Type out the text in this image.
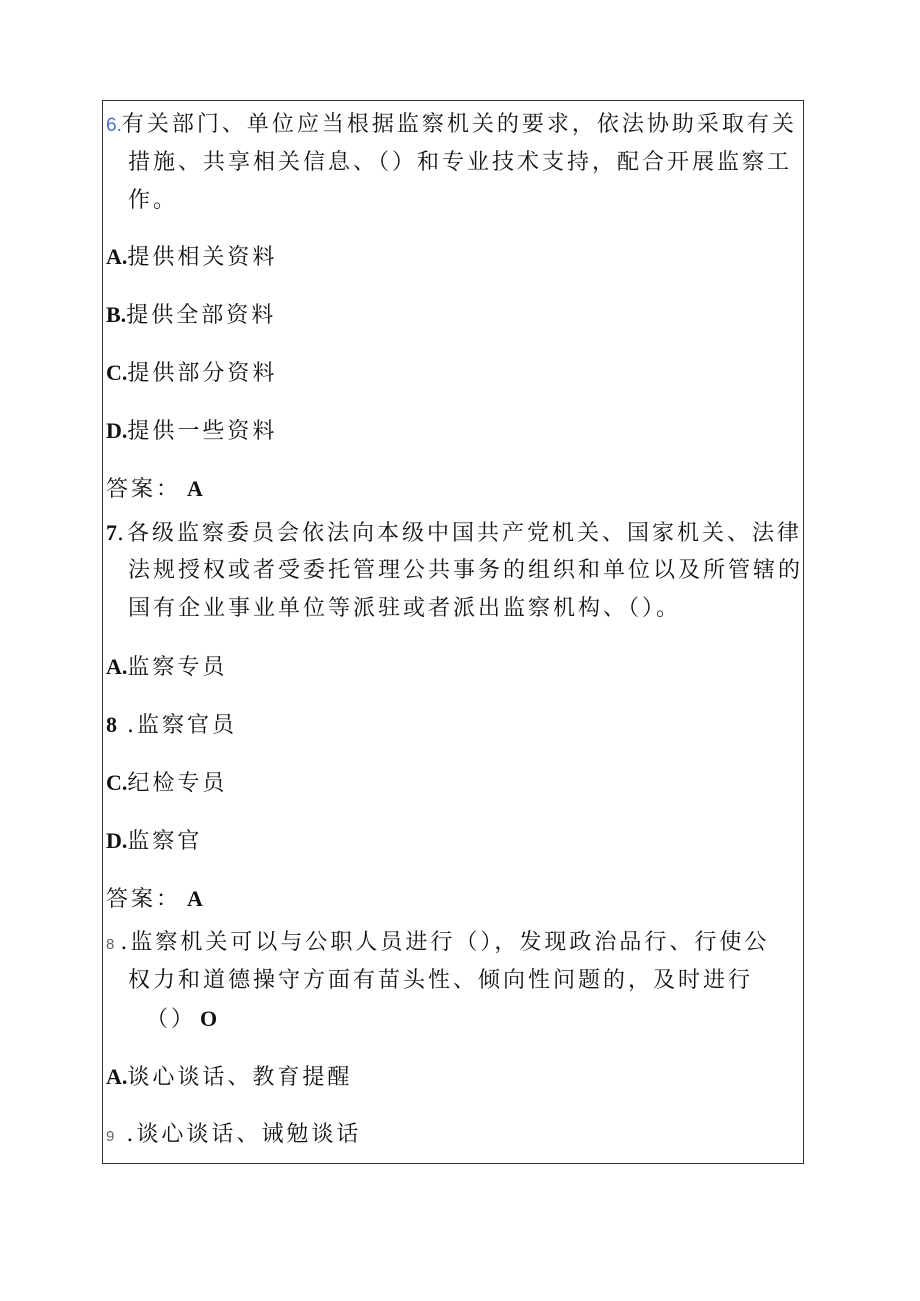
6.有关部门、单位应当根据监察机关的要求，依法协助采取有关
措施、共享相关信息、（）和专业技术支持，配合开展监察工
作。
A.提供相关资料
B.提供全部资料
C.提供部分资料
D.提供一些资料
答案： A
7.各级监察委员会依法向本级中国共产党机关、国家机关、法律
法规授权或者受委托管理公共事务的组织和单位以及所管辖的
国有企业事业单位等派驻或者派出监察机构、（）。
A.监察专员
8 .监察官员
C.纪检专员
D.监察官
答案： A
8 .监察机关可以与公职人员进行（），发现政治品行、行使公
权力和道德操守方面有苗头性、倾向性问题的，及时进行
（） O
A.谈心谈话、教育提醒
9 .谈心谈话、诫勉谈话
